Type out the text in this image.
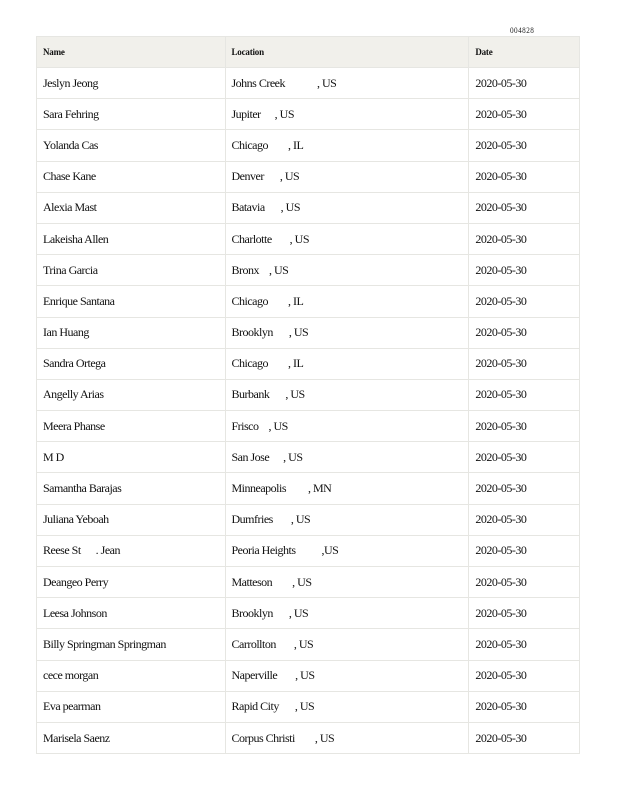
004828
Name	Location	Date
Jeslyn Jeong	Johns Creek , US	2020-05-30
Sara Fehring	Jupiter , US	2020-05-30
Yolanda Cas	Chicago , IL	2020-05-30
Chase Kane	Denver , US	2020-05-30
Alexia Mast	Batavia , US	2020-05-30
Lakeisha Allen	Charlotte , US	2020-05-30
Trina Garcia	Bronx , US	2020-05-30
Enrique Santana	Chicago , IL	2020-05-30
Ian Huang	Brooklyn , US	2020-05-30
Sandra Ortega	Chicago , IL	2020-05-30
Angelly Arias	Burbank , US	2020-05-30
Meera Phanse	Frisco , US	2020-05-30
M D	San Jose , US	2020-05-30
Samantha Barajas	Minneapolis , MN	2020-05-30
Juliana Yeboah	Dumfries , US	2020-05-30
Reese St      . Jean	Peoria Heights ,US	2020-05-30
Deangeo Perry	Matteson , US	2020-05-30
Leesa Johnson	Brooklyn , US	2020-05-30
Billy Springman Springman	Carrollton , US	2020-05-30
cece morgan	Naperville , US	2020-05-30
Eva pearman	Rapid City , US	2020-05-30
Marisela Saenz	Corpus Christi , US	2020-05-30
